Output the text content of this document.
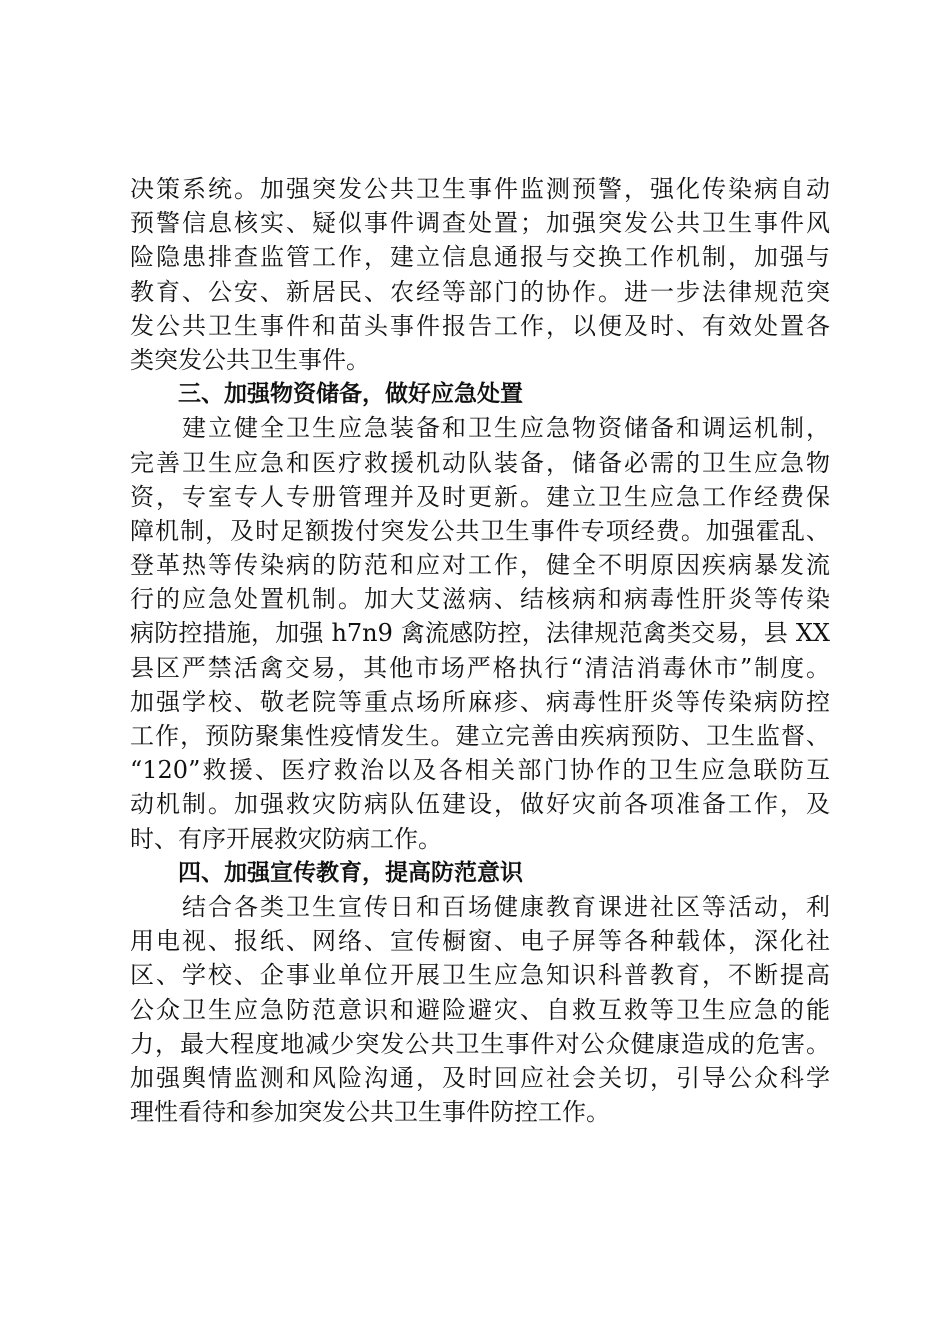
决策系统。加强突发公共卫生事件监测预警，强化传染病自动
预警信息核实、疑似事件调查处置；加强突发公共卫生事件风
险隐患排查监管工作，建立信息通报与交换工作机制，加强与
教育、公安、新居民、农经等部门的协作。进一步法律规范突
发公共卫生事件和苗头事件报告工作，以便及时、有效处置各
类突发公共卫生事件。
三、加强物资储备，做好应急处置
　　建立健全卫生应急装备和卫生应急物资储备和调运机制，
完善卫生应急和医疗救援机动队装备，储备必需的卫生应急物
资，专室专人专册管理并及时更新。建立卫生应急工作经费保
障机制，及时足额拨付突发公共卫生事件专项经费。加强霍乱、
登革热等传染病的防范和应对工作，健全不明原因疾病暴发流
行的应急处置机制。加大艾滋病、结核病和病毒性肝炎等传染
病防控措施，加强 h7n9 禽流感防控，法律规范禽类交易，县 XX
县区严禁活禽交易，其他市场严格执行“清洁消毒休市”制度。
加强学校、敬老院等重点场所麻疹、病毒性肝炎等传染病防控
工作，预防聚集性疫情发生。建立完善由疾病预防、卫生监督、
“120”救援、医疗救治以及各相关部门协作的卫生应急联防互
动机制。加强救灾防病队伍建设，做好灾前各项准备工作，及
时、有序开展救灾防病工作。
四、加强宣传教育，提高防范意识
　　结合各类卫生宣传日和百场健康教育课进社区等活动，利
用电视、报纸、网络、宣传橱窗、电子屏等各种载体，深化社
区、学校、企事业单位开展卫生应急知识科普教育，不断提高
公众卫生应急防范意识和避险避灾、自救互救等卫生应急的能
力，最大程度地减少突发公共卫生事件对公众健康造成的危害。
加强舆情监测和风险沟通，及时回应社会关切，引导公众科学
理性看待和参加突发公共卫生事件防控工作。
